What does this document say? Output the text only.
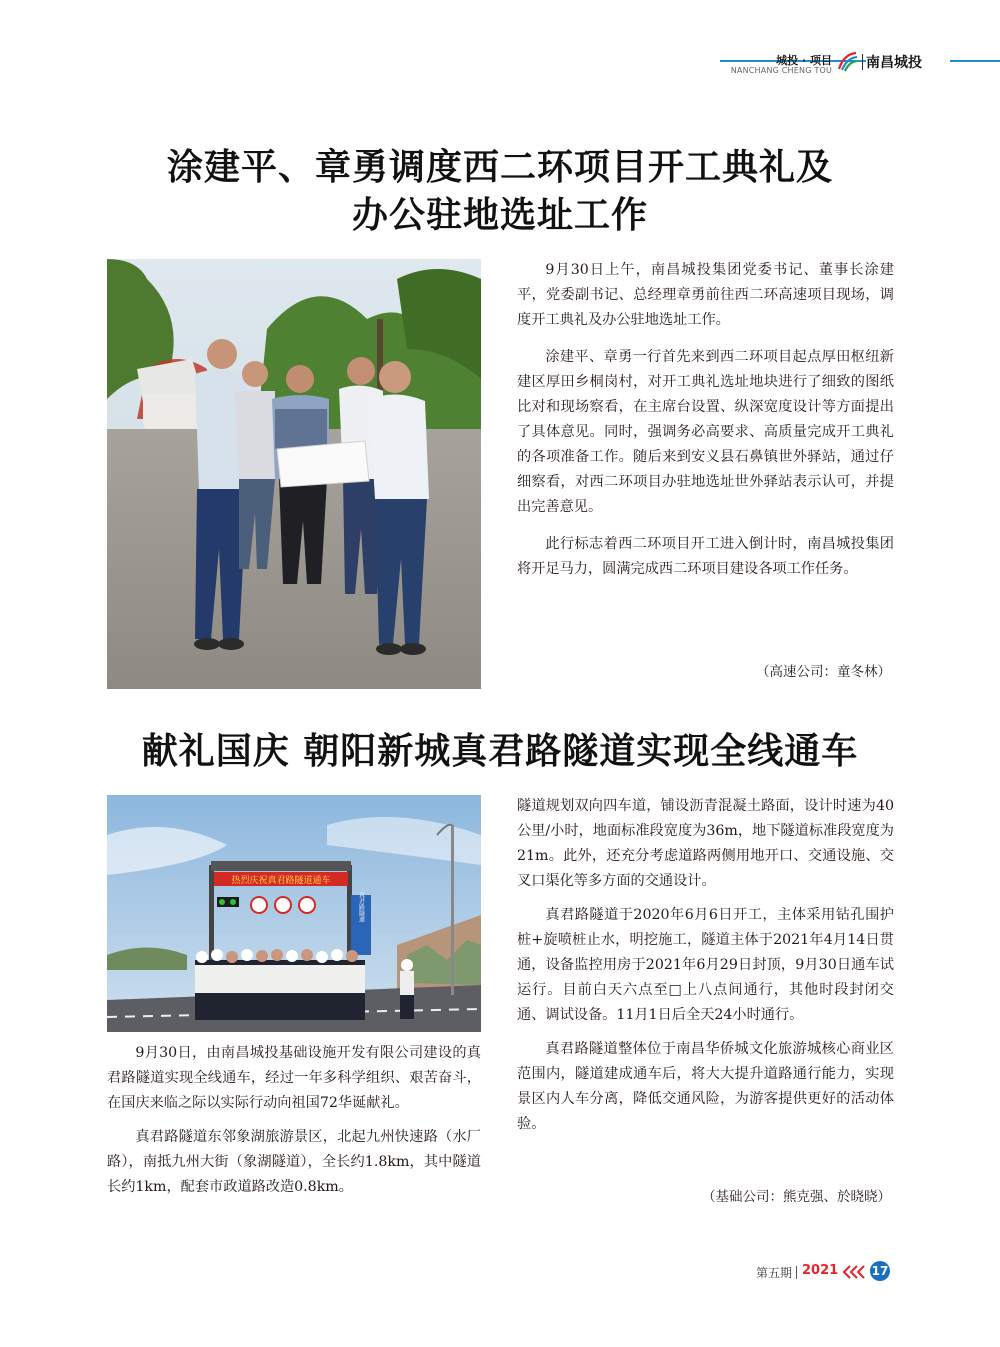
城投 · 项目
NANCHANG CHENG TOU 南昌城投
涂建平、章勇调度西二环项目开工典礼及
办公驻地选址工作

9月30日上午，南昌城投集团党委书记、董事长涂建平，党委副书记、总经理章勇前往西二环高速项目现场，调度开工典礼及办公驻地选址工作。

涂建平、章勇一行首先来到西二环项目起点厚田枢纽新建区厚田乡桐岗村，对开工典礼选址地块进行了细致的图纸比对和现场察看，在主席台设置、纵深宽度设计等方面提出了具体意见。同时，强调务必高要求、高质量完成开工典礼的各项准备工作。随后来到安义县石鼻镇世外驿站，通过仔细察看，对西二环项目办驻地选址世外驿站表示认可，并提出完善意见。

此行标志着西二环项目开工进入倒计时，南昌城投集团将开足马力，圆满完成西二环项目建设各项工作任务。

（高速公司：童冬林）
献礼国庆 朝阳新城真君路隧道实现全线通车
热烈庆祝真君路隧道通车
真君路隧道

9月30日，由南昌城投基础设施开发有限公司建设的真君路隧道实现全线通车，经过一年多科学组织、艰苦奋斗，在国庆来临之际以实际行动向祖国72华诞献礼。

真君路隧道东邻象湖旅游景区，北起九州快速路（水厂路），南抵九州大街（象湖隧道），全长约1.8km，其中隧道长约1km，配套市政道路改造0.8km。

隧道规划双向四车道，铺设沥青混凝土路面，设计时速为40公里/小时，地面标准段宽度为36m，地下隧道标准段宽度为21m。此外，还充分考虑道路两侧用地开口、交通设施、交叉口渠化等多方面的交通设计。

真君路隧道于2020年6月6日开工，主体采用钻孔围护桩+旋喷桩止水，明挖施工，隧道主体于2021年4月14日贯通，设备监控用房于2021年6月29日封顶，9月30日通车试运行。目前白天六点至□上八点间通行，其他时段封闭交通、调试设备。11月1日后全天24小时通行。

真君路隧道整体位于南昌华侨城文化旅游城核心商业区范围内，隧道建成通车后，将大大提升道路通行能力，实现景区内人车分离，降低交通风险，为游客提供更好的活动体验。

（基础公司：熊克强、於晓晓）
第五期 2021	17
